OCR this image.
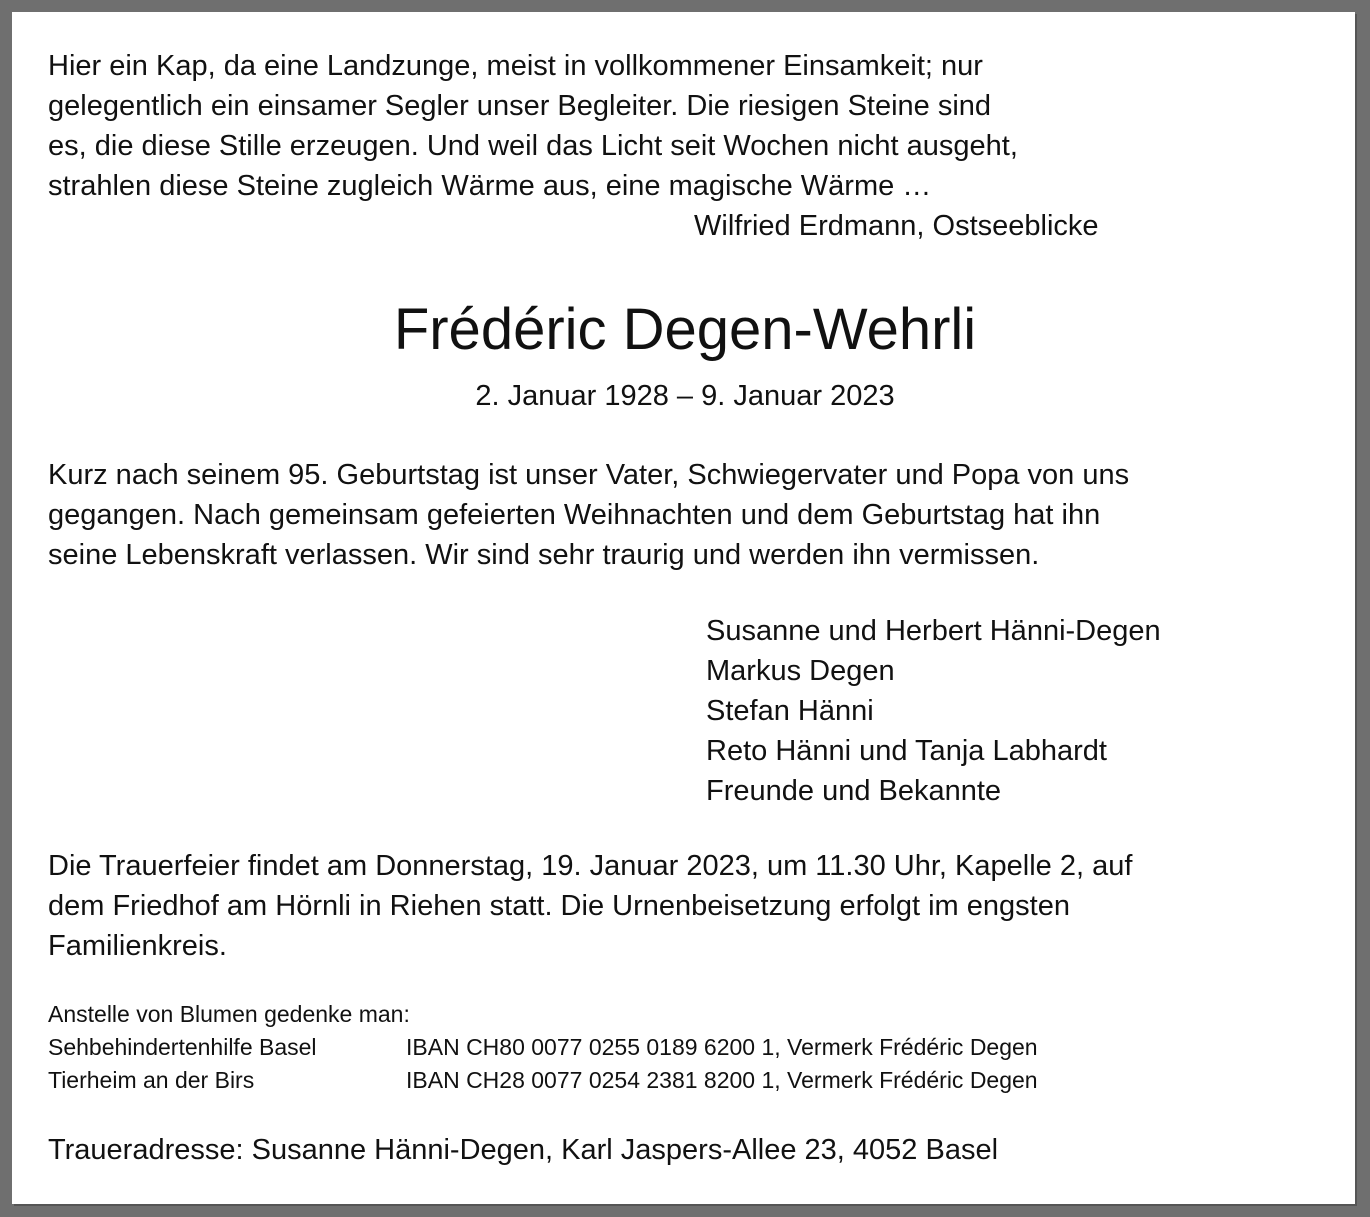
Hier ein Kap, da eine Landzunge, meist in vollkommener Einsamkeit; nur
gelegentlich ein einsamer Segler unser Begleiter. Die riesigen Steine sind
es, die diese Stille erzeugen. Und weil das Licht seit Wochen nicht ausgeht,
strahlen diese Steine zugleich Wärme aus, eine magische Wärme …
Wilfried Erdmann, Ostseeblicke
Frédéric Degen-Wehrli
2. Januar 1928 – 9. Januar 2023
Kurz nach seinem 95. Geburtstag ist unser Vater, Schwiegervater und Popa von uns
gegangen. Nach gemeinsam gefeierten Weihnachten und dem Geburtstag hat ihn
seine Lebenskraft verlassen. Wir sind sehr traurig und werden ihn vermissen.
Susanne und Herbert Hänni-Degen
Markus Degen
Stefan Hänni
Reto Hänni und Tanja Labhardt
Freunde und Bekannte
Die Trauerfeier findet am Donnerstag, 19. Januar 2023, um 11.30 Uhr, Kapelle 2, auf
dem Friedhof am Hörnli in Riehen statt. Die Urnenbeisetzung erfolgt im engsten
Familienkreis.
Anstelle von Blumen gedenke man:
Sehbehindertenhilfe Basel	IBAN CH80 0077 0255 0189 6200 1, Vermerk Frédéric Degen
Tierheim an der Birs	IBAN CH28 0077 0254 2381 8200 1, Vermerk Frédéric Degen
Traueradresse: Susanne Hänni-Degen, Karl Jaspers-Allee 23, 4052 Basel
